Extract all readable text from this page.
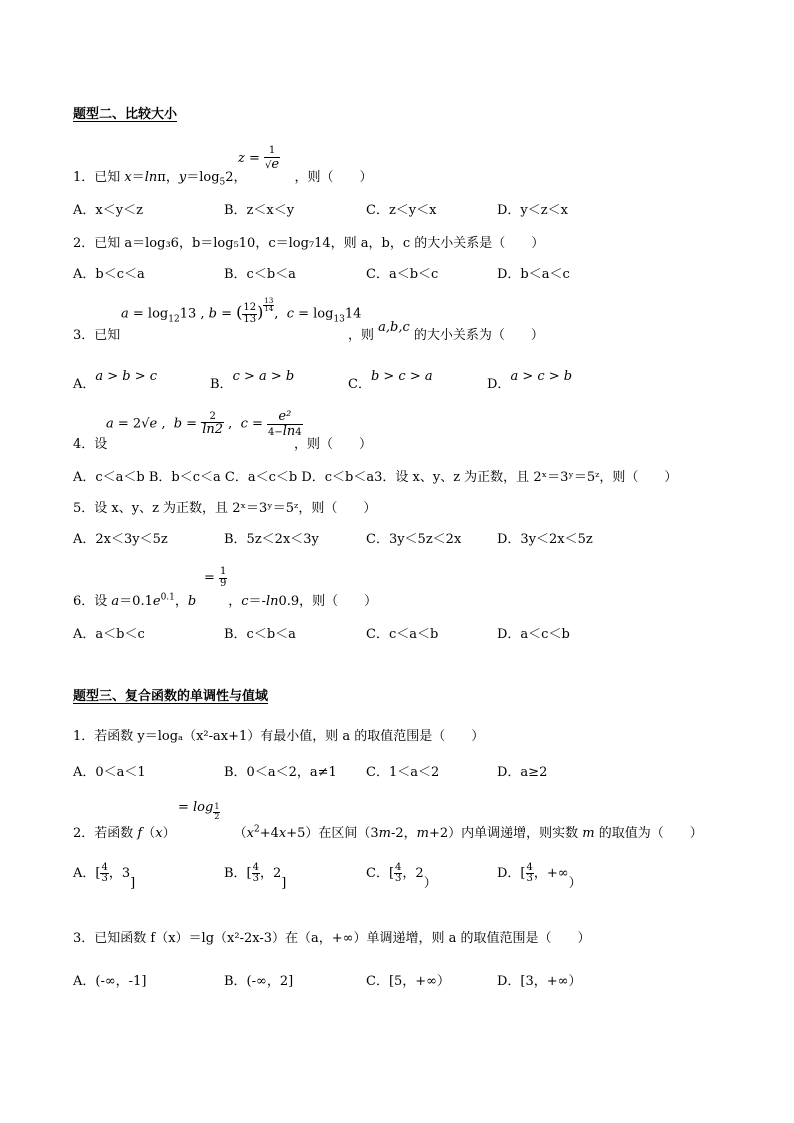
题型二、比较大小
$z = \frac{1}{√e}$
1．已知 x＝lnπ，$y=\log_52$，	，则（　　）
A．x＜y＜z	B．z＜x＜y	C．z＜y＜x	D．y＜z＜x
2．已知 a＝log₃6，b＝log₅10，c＝log₇14，则 a，b，c 的大小关系是（　　）
A．b＜c＜a	B．c＜b＜a	C．a＜b＜c	D．b＜a＜c
3．已知
$a = \log_{12}13$ , b = ( $\frac{12}{13}$ ) $^{\frac{13}{14}}$
,  $c = \log_{13}14$
，则 a,b,c 的大小关系为（　　）
A．a > b > c
B．c > a > b
C．b > c > a
D．a > c > b
4．设
a = 2√e ,  $b = \frac{2}{\ln 2}$ ,  $c = \frac{\text{e²}}{4-\ln 4}$
，则（　　）
A．c＜a＜b B．b＜c＜a C．a＜c＜b D．c＜b＜a3．设 x、y、z 为正数，且 2ˣ＝3ʸ＝5ᶻ，则（　　）
5．设 x、y、z 为正数，且 2ˣ＝3ʸ＝5ᶻ，则（　　）
A．2x＜3y＜5z	B．5z＜2x＜3y	C．3y＜5z＜2x	D．3y＜2x＜5z
= $\frac{1}{9}$
6．设 $a=0.1e^{0.1}$，b ，c＝-ln0.9，则（　　）
A．a＜b＜c	B．c＜b＜a	C．c＜a＜b	D．a＜c＜b
题型三、复合函数的单调性与值域
1．若函数 y＝logₐ（x²-ax+1）有最小值，则 a 的取值范围是（　　）
A．0＜a＜1	B．0＜a＜2，a≠1 C．1＜a＜2	D．a≥2
= log $_{\frac{1}{2}}$
2．若函数 f（x）	$(x^2+4x+5)$在区间（3m-2，m+2）内单调递增，则实数 m 的取值为（　　）
A．[ $\frac{4}{3}$ ，3]
B．[ $\frac{4}{3}$ ，2]
C．[ $\frac{4}{3}$ ，2）
D．[ $\frac{4}{3}$ ，+∞）
3．已知函数 f（x）＝lg（x²-2x-3）在（a，+∞）单调递增，则 a 的取值范围是（　　）
A．(-∞，-1]	B．(-∞，2]	C．[5，+∞）	D．[3，+∞）
